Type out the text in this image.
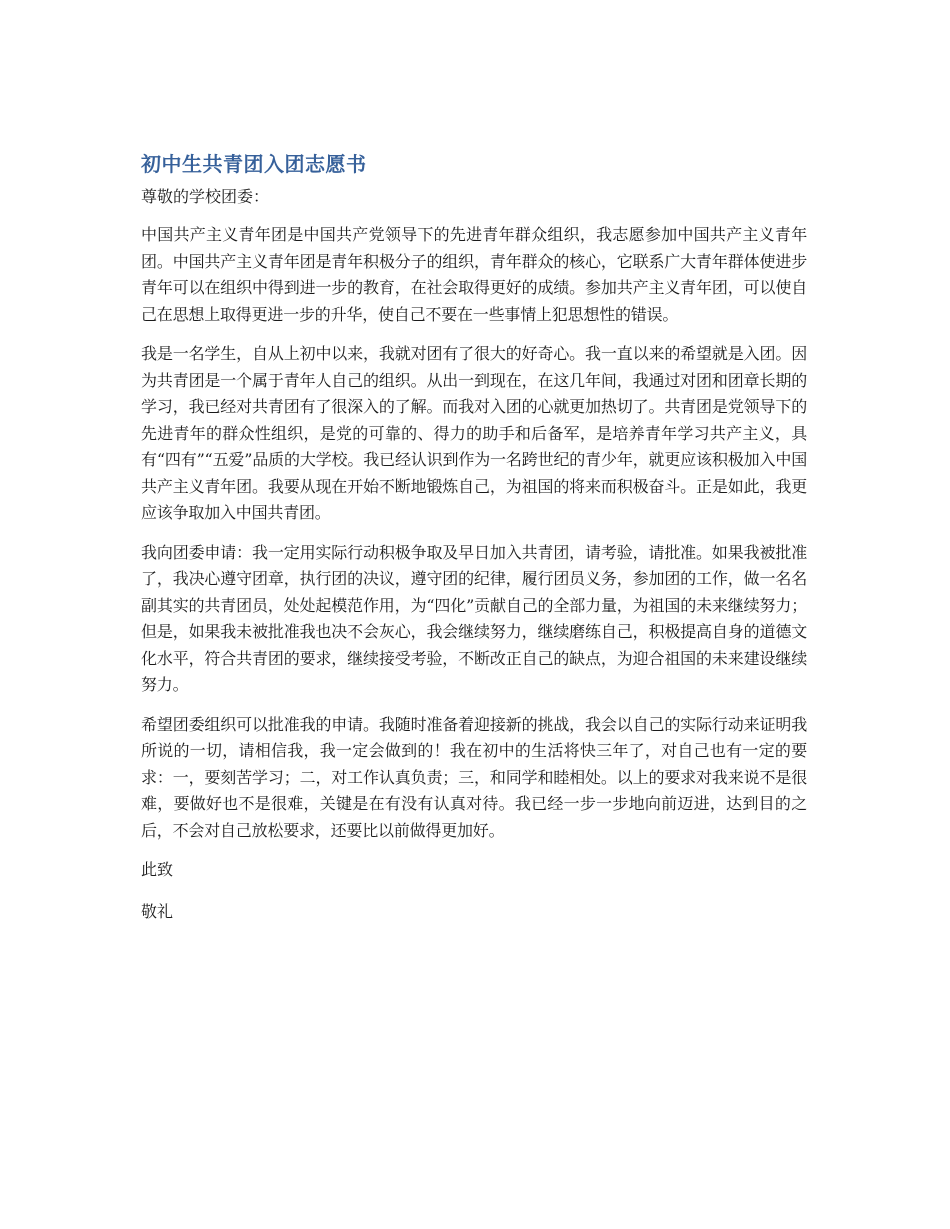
初中生共青团入团志愿书

尊敬的学校团委：

中国共产主义青年团是中国共产党领导下的先进青年群众组织，我志愿参加中国共产主义青年团。中国共产主义青年团是青年积极分子的组织，青年群众的核心，它联系广大青年群体使进步青年可以在组织中得到进一步的教育，在社会取得更好的成绩。参加共产主义青年团，可以使自己在思想上取得更进一步的升华，使自己不要在一些事情上犯思想性的错误。

我是一名学生，自从上初中以来，我就对团有了很大的好奇心。我一直以来的希望就是入团。因为共青团是一个属于青年人自己的组织。从出一到现在，在这几年间，我通过对团和团章长期的学习，我已经对共青团有了很深入的了解。而我对入团的心就更加热切了。共青团是党领导下的先进青年的群众性组织，是党的可靠的、得力的助手和后备军，是培养青年学习共产主义，具有“四有”“五爱”品质的大学校。我已经认识到作为一名跨世纪的青少年，就更应该积极加入中国共产主义青年团。我要从现在开始不断地锻炼自己，为祖国的将来而积极奋斗。正是如此，我更应该争取加入中国共青团。

我向团委申请：我一定用实际行动积极争取及早日加入共青团，请考验，请批准。如果我被批准了，我决心遵守团章，执行团的决议，遵守团的纪律，履行团员义务，参加团的工作，做一名名副其实的共青团员，处处起模范作用，为“四化”贡献自己的全部力量，为祖国的未来继续努力；但是，如果我未被批准我也决不会灰心，我会继续努力，继续磨练自己，积极提高自身的道德文化水平，符合共青团的要求，继续接受考验，不断改正自己的缺点，为迎合祖国的未来建设继续努力。

希望团委组织可以批准我的申请。我随时准备着迎接新的挑战，我会以自己的实际行动来证明我所说的一切，请相信我，我一定会做到的！我在初中的生活将快三年了，对自己也有一定的要求：一，要刻苦学习；二，对工作认真负责；三，和同学和睦相处。以上的要求对我来说不是很难，要做好也不是很难，关键是在有没有认真对待。我已经一步一步地向前迈进，达到目的之后，不会对自己放松要求，还要比以前做得更加好。

此致

敬礼
